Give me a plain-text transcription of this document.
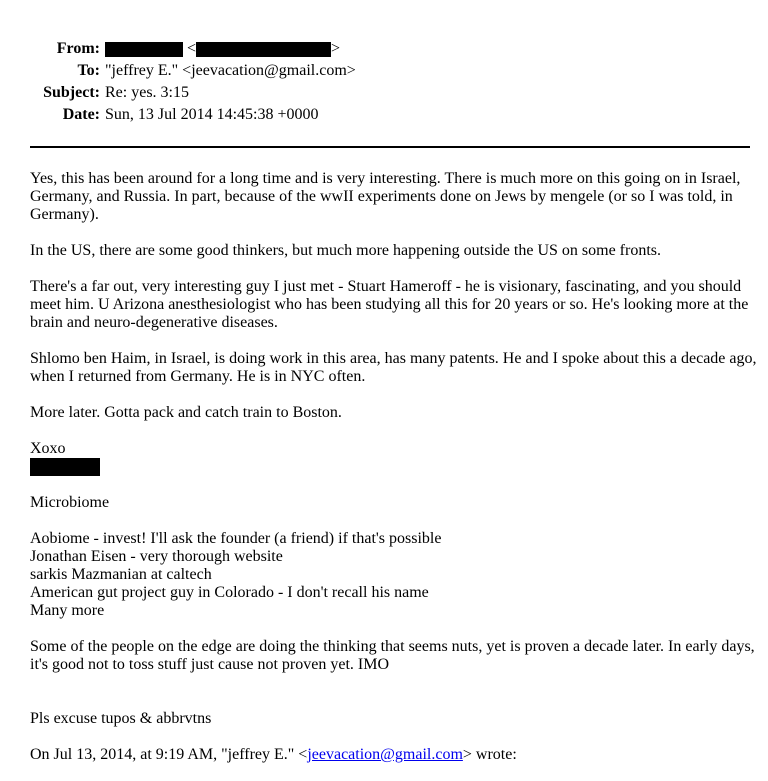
From:	<	>
To: "jeffrey E." <jeevacation@gmail.com>
Subject: Re: yes. 3:15
Date: Sun, 13 Jul 2014 14:45:38 +0000

Yes, this has been around for a long time and is very interesting. There is much more on this going on in Israel, Germany, and Russia. In part, because of the wwII experiments done on Jews by mengele (or so I was told, in Germany).

In the US, there are some good thinkers, but much more happening outside the US on some fronts.

There's a far out, very interesting guy I just met - Stuart Hameroff - he is visionary, fascinating, and you should meet him. U Arizona anesthesiologist who has been studying all this for 20 years or so. He's looking more at the brain and neuro-degenerative diseases.

Shlomo ben Haim, in Israel, is doing work in this area, has many patents. He and I spoke about this a decade ago, when I returned from Germany. He is in NYC often.

More later. Gotta pack and catch train to Boston.

Xoxo

Microbiome

Aobiome - invest! I'll ask the founder (a friend) if that's possible
Jonathan Eisen - very thorough website
sarkis Mazmanian at caltech
American gut project guy in Colorado - I don't recall his name
Many more

Some of the people on the edge are doing the thinking that seems nuts, yet is proven a decade later. In early days, it's good not to toss stuff just cause not proven yet. IMO

Pls excuse tupos & abbrvtns

On Jul 13, 2014, at 9:19 AM, "jeffrey E." <jeevacation@gmail.com> wrote:
